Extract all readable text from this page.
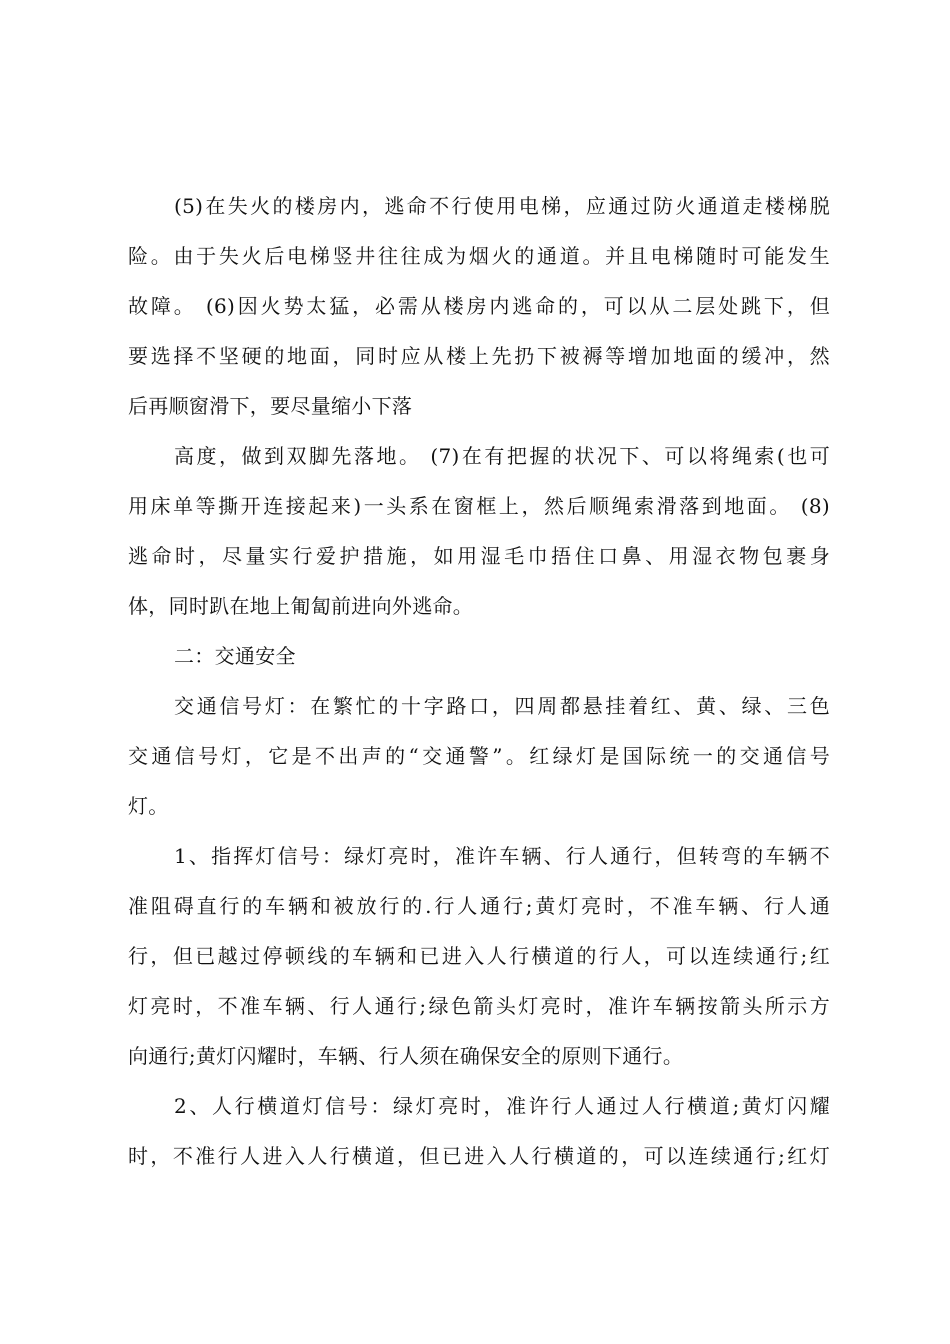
(5)在失火的楼房内，逃命不行使用电梯，应通过防火通道走楼梯脱
险。由于失火后电梯竖井往往成为烟火的通道。并且电梯随时可能发生
故障。 (6)因火势太猛，必需从楼房内逃命的，可以从二层处跳下，但
要选择不坚硬的地面，同时应从楼上先扔下被褥等增加地面的缓冲，然
后再顺窗滑下，要尽量缩小下落
高度，做到双脚先落地。 (7)在有把握的状况下、可以将绳索(也可
用床单等撕开连接起来)一头系在窗框上，然后顺绳索滑落到地面。 (8)
逃命时，尽量实行爱护措施，如用湿毛巾捂住口鼻、用湿衣物包裹身
体，同时趴在地上匍匐前进向外逃命。
二：交通安全
交通信号灯：在繁忙的十字路口，四周都悬挂着红、黄、绿、三色
交通信号灯，它是不出声的“交通警”。红绿灯是国际统一的交通信号
灯。
1、指挥灯信号：绿灯亮时，准许车辆、行人通行，但转弯的车辆不
准阻碍直行的车辆和被放行的.行人通行;黄灯亮时，不准车辆、行人通
行，但已越过停顿线的车辆和已进入人行横道的行人，可以连续通行;红
灯亮时，不准车辆、行人通行;绿色箭头灯亮时，准许车辆按箭头所示方
向通行;黄灯闪耀时，车辆、行人须在确保安全的原则下通行。
2、人行横道灯信号：绿灯亮时，准许行人通过人行横道;黄灯闪耀
时，不准行人进入人行横道，但已进入人行横道的，可以连续通行;红灯
